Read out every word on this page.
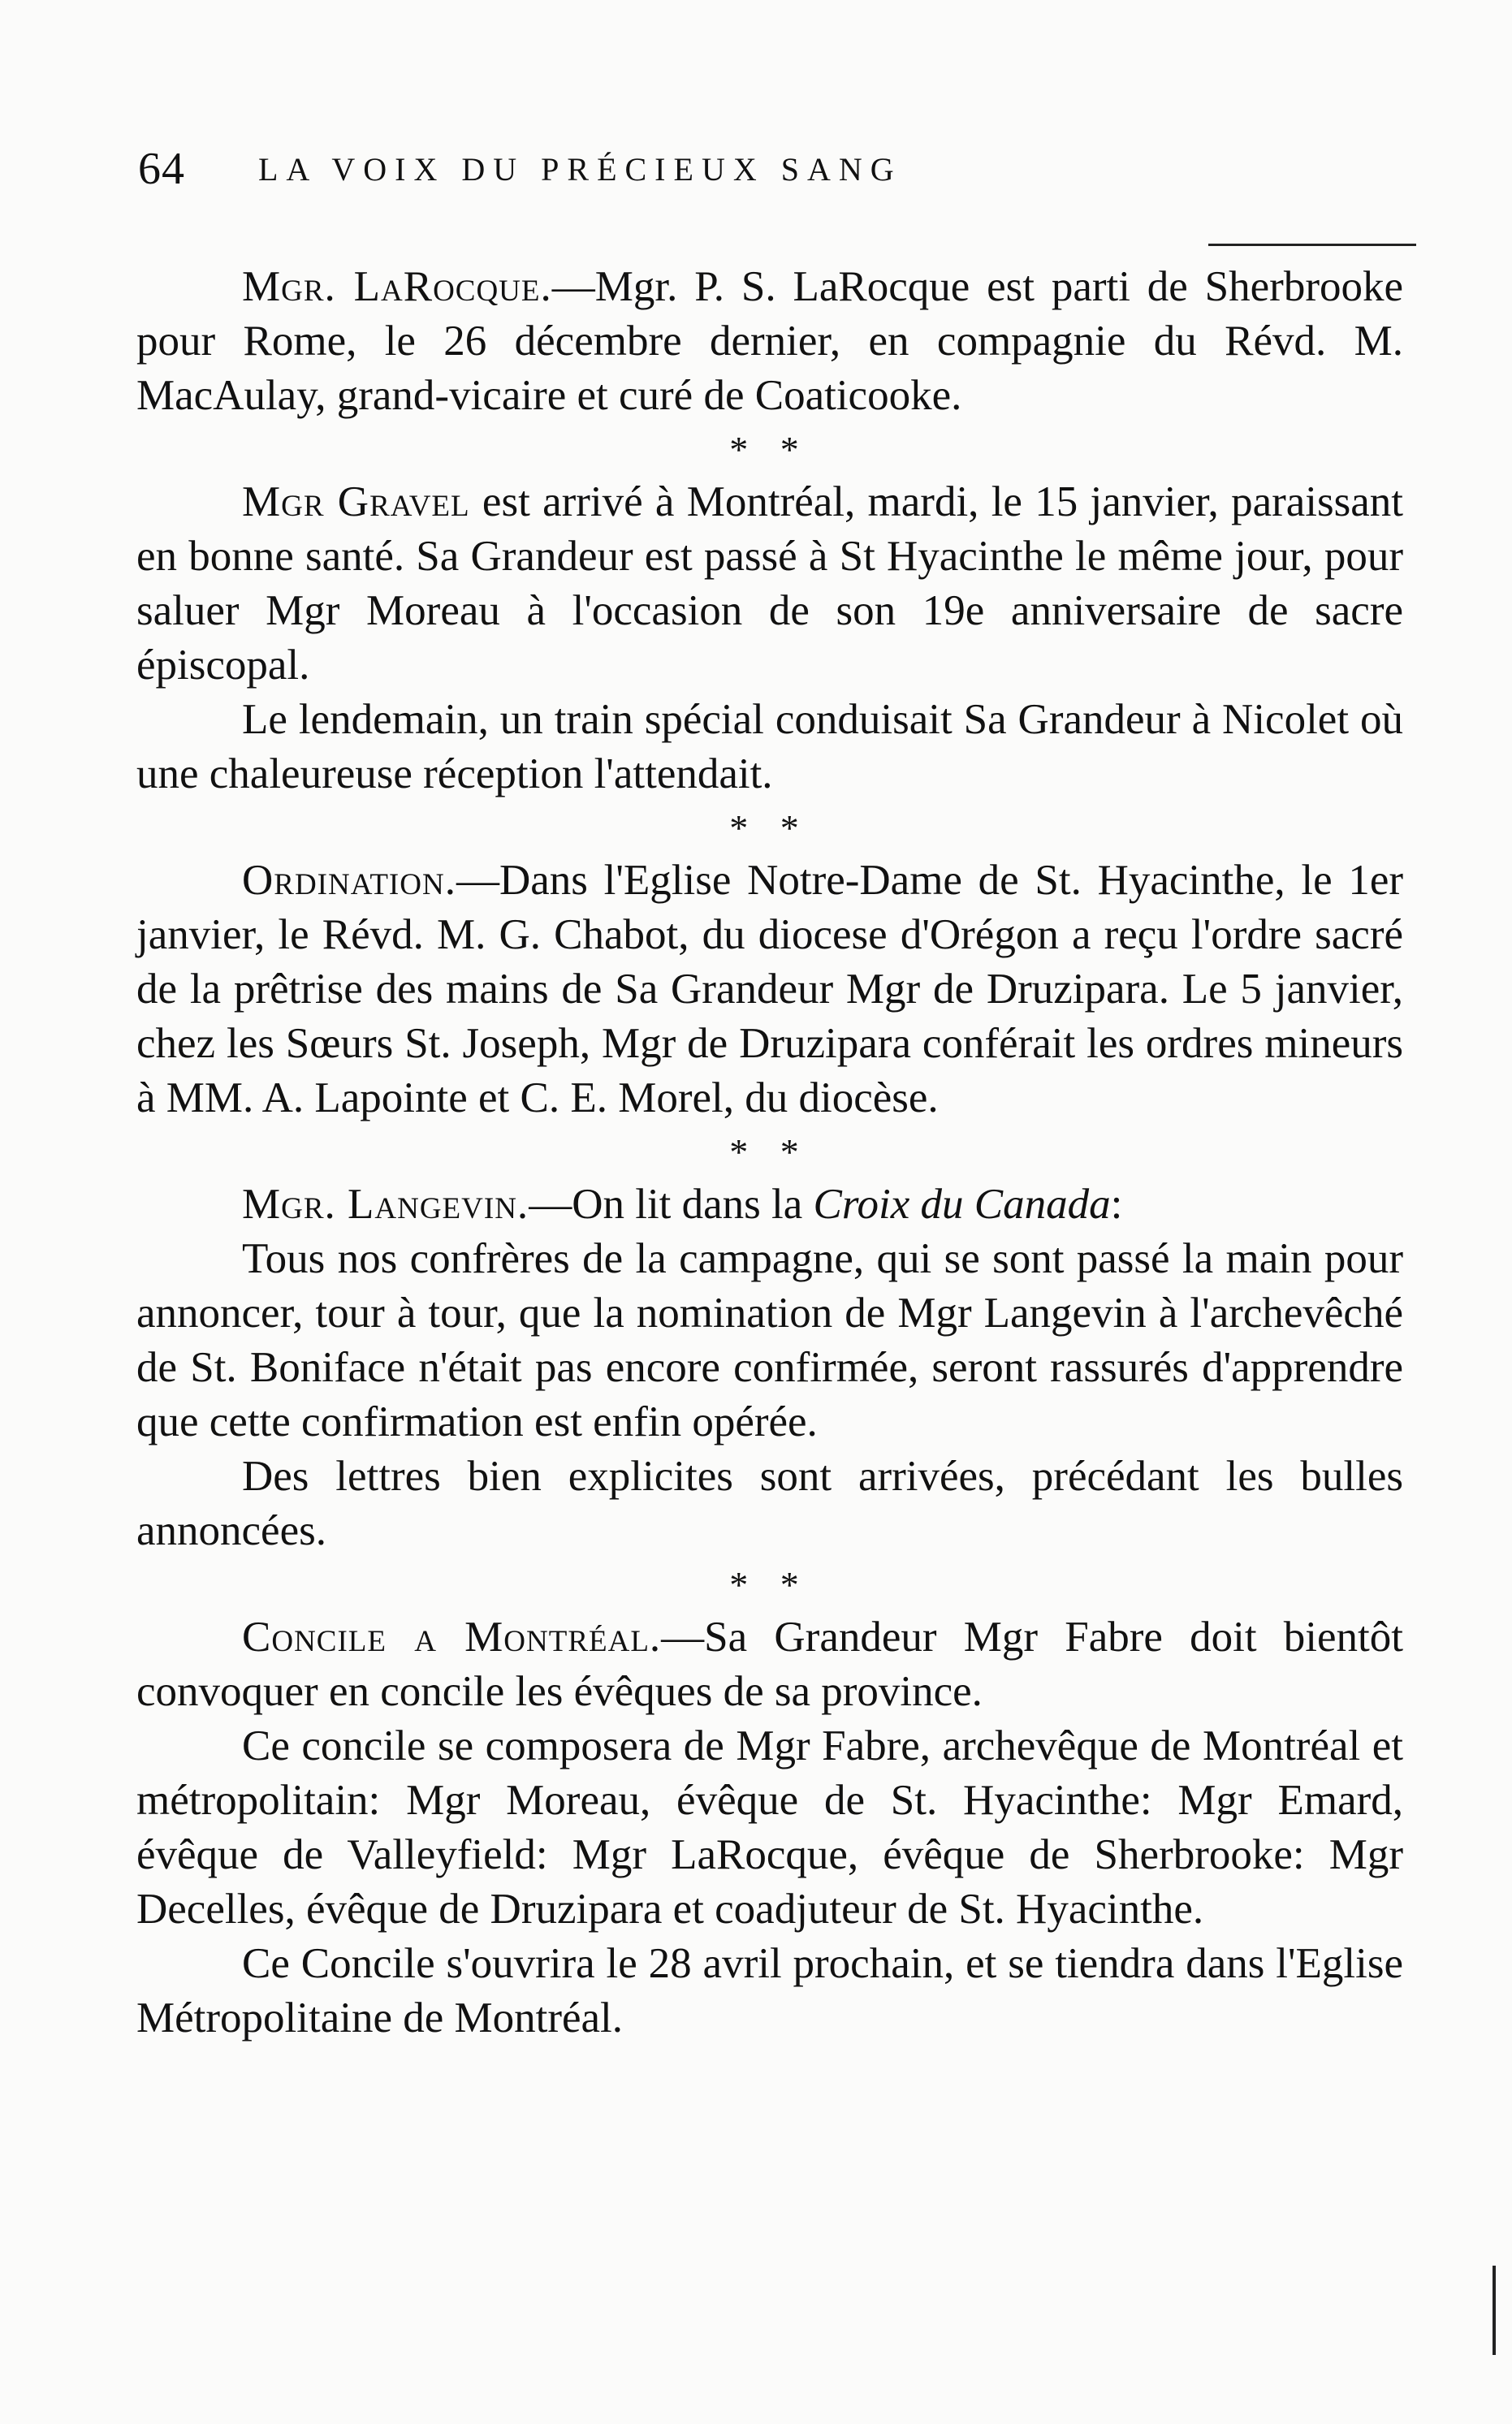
64 LA VOIX DU PRÉCIEUX SANG

Mgr. LaRocque.—Mgr. P. S. LaRocque est parti de Sherbrooke pour Rome, le 26 décembre dernier, en compagnie du Révd. M. MacAulay, grand-vicaire et curé de Coaticooke.

* *

Mgr Gravel est arrivé à Montréal, mardi, le 15 janvier, paraissant en bonne santé. Sa Grandeur est passé à St Hyacinthe le même jour, pour saluer Mgr Moreau à l'occasion de son 19e anniversaire de sacre épiscopal.

Le lendemain, un train spécial conduisait Sa Grandeur à Nicolet où une chaleureuse réception l'attendait.

* *

Ordination.—Dans l'Eglise Notre-Dame de St. Hyacinthe, le 1er janvier, le Révd. M. G. Chabot, du diocese d'Orégon a reçu l'ordre sacré de la prêtrise des mains de Sa Grandeur Mgr de Druzipara. Le 5 janvier, chez les Sœurs St. Joseph, Mgr de Druzipara conférait les ordres mineurs à MM. A. Lapointe et C. E. Morel, du diocèse.

* *

Mgr. Langevin.—On lit dans la Croix du Canada:

Tous nos confrères de la campagne, qui se sont passé la main pour annoncer, tour à tour, que la nomination de Mgr Langevin à l'archevêché de St. Boniface n'était pas encore confirmée, seront rassurés d'apprendre que cette confirmation est enfin opérée.

Des lettres bien explicites sont arrivées, précédant les bulles annoncées.

* *

Concile a Montréal.—Sa Grandeur Mgr Fabre doit bientôt convoquer en concile les évêques de sa province.

Ce concile se composera de Mgr Fabre, archevêque de Montréal et métropolitain: Mgr Moreau, évêque de St. Hyacinthe: Mgr Emard, évêque de Valleyfield: Mgr LaRocque, évêque de Sherbrooke: Mgr Decelles, évêque de Druzipara et coadjuteur de St. Hyacinthe.

Ce Concile s'ouvrira le 28 avril prochain, et se tiendra dans l'Eglise Métropolitaine de Montréal.
